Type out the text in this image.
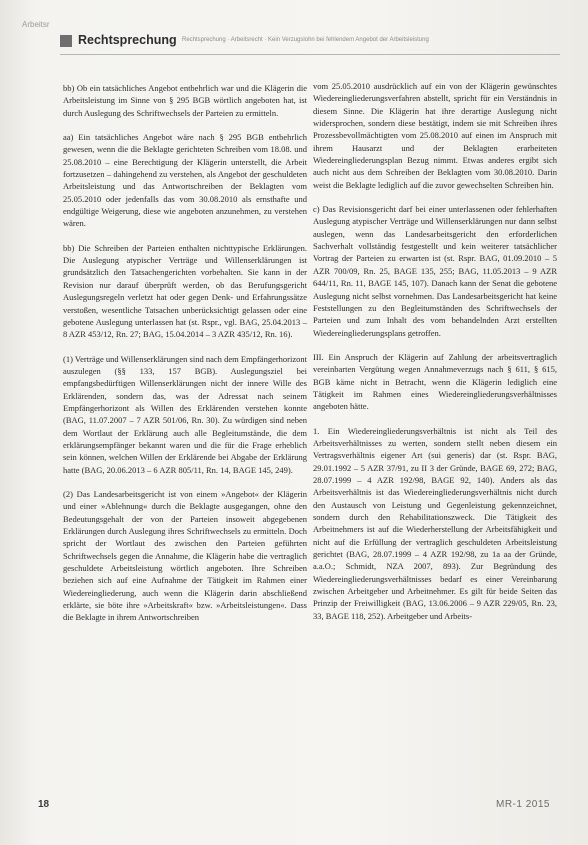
Arbeitsr
Rechtsprechung Rechtsprechung · Arbeitsrecht · Kein Verzugslohn bei fehlendem Angebot der Arbeitsleistung

bb) Ob ein tatsächliches Angebot entbehrlich war und die Klägerin die Arbeitsleistung im Sinne von § 295 BGB wörtlich angeboten hat, ist durch Auslegung des Schriftwechsels der Parteien zu ermitteln.

aa) Ein tatsächliches Angebot wäre nach § 295 BGB entbehrlich gewesen, wenn die die Beklagte gerichteten Schreiben vom 18.08. und 25.08.2010 – eine Berechtigung der Klägerin unterstellt, die Arbeit fortzusetzen – dahingehend zu verstehen, als Angebot der geschuldeten Arbeitsleistung und das Antwortschreiben der Beklagten vom 25.05.2010 oder jedenfalls das vom 30.08.2010 als ernsthafte und endgültige Weigerung, diese wie angeboten anzunehmen, zu verstehen wären.

bb) Die Schreiben der Parteien enthalten nichttypische Erklärungen. Die Auslegung atypischer Verträge und Willenserklärungen ist grundsätzlich den Tatsachengerichten vorbehalten. Sie kann in der Revision nur darauf überprüft werden, ob das Berufungsgericht Auslegungsregeln verletzt hat oder gegen Denk- und Erfahrungssätze verstoßen, wesentliche Tatsachen unberücksichtigt gelassen oder eine gebotene Auslegung unterlassen hat (st. Rspr., vgl. BAG, 25.04.2013 – 8 AZR 453/12, Rn. 27; BAG, 15.04.2014 – 3 AZR 435/12, Rn. 16).

(1) Verträge und Willenserklärungen sind nach dem Empfängerhorizont auszulegen (§§ 133, 157 BGB). Auslegungsziel bei empfangsbedürftigen Willenserklärungen nicht der innere Wille des Erklärenden, sondern das, was der Adressat nach seinem Empfängerhorizont als Willen des Erklärenden verstehen konnte (BAG, 11.07.2007 – 7 AZR 501/06, Rn. 30). Zu würdigen sind neben dem Wortlaut der Erklärung auch alle Begleitumstände, die dem erklärungsempfänger bekannt waren und die für die Frage erheblich sein können, welchen Willen der Erklärende bei Abgabe der Erklärung hatte (BAG, 20.06.2013 – 6 AZR 805/11, Rn. 14, BAGE 145, 249).

(2) Das Landesarbeitsgericht ist von einem »Angebot« der Klägerin und einer »Ablehnung« durch die Beklagte ausgegangen, ohne den Bedeutungsgehalt der von der Parteien insoweit abgegebenen Erklärungen durch Auslegung ihres Schriftwechsels zu ermitteln. Doch spricht der Wortlaut des zwischen den Parteien geführten Schriftwechsels gegen die Annahme, die Klägerin habe die vertraglich geschuldete Arbeitsleistung wörtlich angeboten. Ihre Schreiben beziehen sich auf eine Aufnahme der Tätigkeit im Rahmen einer Wiedereingliederung, auch wenn die Klägerin darin abschließend erklärte, sie böte ihre »Arbeitskraft« bzw. »Arbeitsleistungen«. Dass die Beklagte in ihrem Antwortschreiben

vom 25.05.2010 ausdrücklich auf ein von der Klägerin gewünschtes Wiedereingliederungsverfahren abstellt, spricht für ein Verständnis in diesem Sinne. Die Klägerin hat ihre derartige Auslegung nicht widersprochen, sondern diese bestätigt, indem sie mit Schreiben ihres Prozessbevollmächtigten vom 25.08.2010 auf einen im Anspruch mit ihrem Hausarzt und der Beklagten erarbeiteten Wiedereingliederungsplan Bezug nimmt. Etwas anderes ergibt sich auch nicht aus dem Schreiben der Beklagten vom 30.08.2010. Darin weist die Beklagte lediglich auf die zuvor gewechselten Schreiben hin.

c) Das Revisionsgericht darf bei einer unterlassenen oder fehlerhaften Auslegung atypischer Verträge und Willenserklärungen nur dann selbst auslegen, wenn das Landesarbeitsgericht den erforderlichen Sachverhalt vollständig festgestellt und kein weiterer tatsächlicher Vortrag der Parteien zu erwarten ist (st. Rspr. BAG, 01.09.2010 – 5 AZR 700/09, Rn. 25, BAGE 135, 255; BAG, 11.05.2013 – 9 AZR 644/11, Rn. 11, BAGE 145, 107). Danach kann der Senat die gebotene Auslegung nicht selbst vornehmen. Das Landesarbeitsgericht hat keine Feststellungen zu den Begleitumständen des Schriftwechsels der Parteien und zum Inhalt des vom behandelnden Arzt erstellten Wiedereingliederungsplans getroffen.

III. Ein Anspruch der Klägerin auf Zahlung der arbeitsvertraglich vereinbarten Vergütung wegen Annahmeverzugs nach § 611, § 615, BGB käme nicht in Betracht, wenn die Klägerin lediglich eine Tätigkeit im Rahmen eines Wiedereingliederungsverhältnisses angeboten hätte.

1. Ein Wiedereingliederungsverhältnis ist nicht als Teil des Arbeitsverhältnisses zu werten, sondern stellt neben diesem ein Vertragsverhältnis eigener Art (sui generis) dar (st. Rspr. BAG, 29.01.1992 – 5 AZR 37/91, zu II 3 der Gründe, BAGE 69, 272; BAG, 28.07.1999 – 4 AZR 192/98, BAGE 92, 140). Anders als das Arbeitsverhältnis ist das Wiedereingliederungsverhältnis nicht durch den Austausch von Leistung und Gegenleistung gekennzeichnet, sondern durch den Rehabilitationszweck. Die Tätigkeit des Arbeitnehmers ist auf die Wiederherstellung der Arbeitsfähigkeit und nicht auf die Erfüllung der vertraglich geschuldeten Arbeitsleistung gerichtet (BAG, 28.07.1999 – 4 AZR 192/98, zu 1a aa der Gründe, a.a.O.; Schmidt, NZA 2007, 893). Zur Begründung des Wiedereingliederungsverhältnisses bedarf es einer Vereinbarung zwischen Arbeitgeber und Arbeitnehmer. Es gilt für beide Seiten das Prinzip der Freiwilligkeit (BAG, 13.06.2006 – 9 AZR 229/05, Rn. 23, 33, BAGE 118, 252). Arbeitgeber und Arbeits-

18	MR-1 2015
